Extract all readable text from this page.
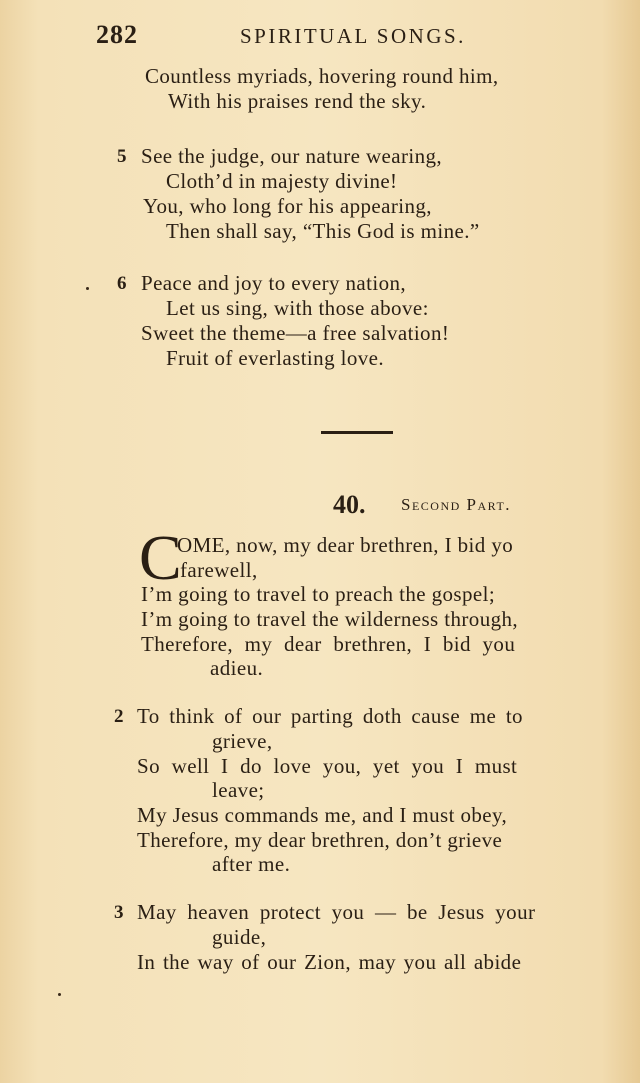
282	SPIRITUAL SONGS.
Countless myriads, hovering round him,
With his praises rend the sky.
5 See the judge, our nature wearing,
Cloth’d in majesty divine!
You, who long for his appearing,
Then shall say, “This God is mine.”
6 Peace and joy to every nation,
Let us sing, with those above:
Sweet the theme—a free salvation!
Fruit of everlasting love.
40. Second Part.
C
OME, now, my dear brethren, I bid yo
farewell,
I’m going to travel to preach the gospel;
I’m going to travel the wilderness through,
Therefore, my dear brethren, I bid you
adieu.
2 To think of our parting doth cause me to
grieve,
So well I do love you, yet you I must
leave;
My Jesus commands me, and I must obey,
Therefore, my dear brethren, don’t grieve
after me.
3 May heaven protect you — be Jesus your
guide,
In the way of our Zion, may you all abide
